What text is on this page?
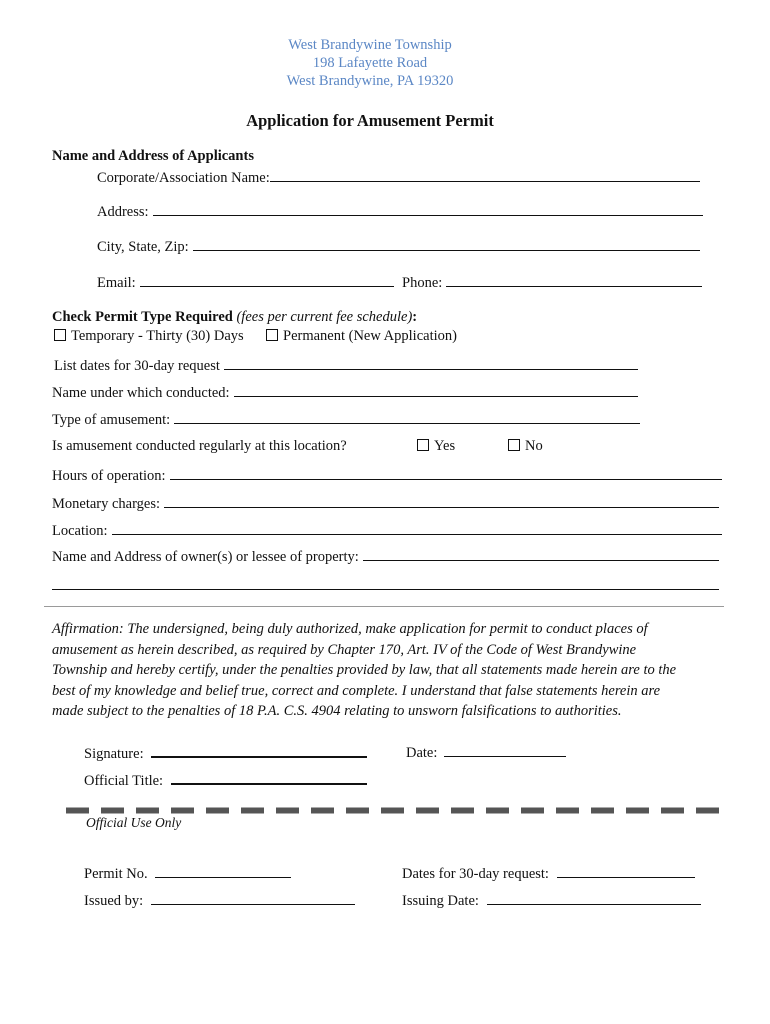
West Brandywine Township
198 Lafayette Road
West Brandywine, PA 19320
Application for Amusement Permit
Name and Address of Applicants
Corporate/Association Name:
Address:
City, State, Zip:
Email:	Phone:
Check Permit Type Required (fees per current fee schedule):
Temporary - Thirty (30) Days	Permanent (New Application)
List dates for 30-day request
Name under which conducted:
Type of amusement:
Is amusement conducted regularly at this location?	Yes	No
Hours of operation:
Monetary charges:
Location:
Name and Address of owner(s) or lessee of property:
Affirmation: The undersigned, being duly authorized, make application for permit to conduct places of amusement as herein described, as required by Chapter 170, Art. IV of the Code of West Brandywine Township and hereby certify, under the penalties provided by law, that all statements made herein are to the best of my knowledge and belief true, correct and complete. I understand that false statements herein are made subject to the penalties of 18 P.A. C.S. 4904 relating to unsworn falsifications to authorities.
Signature:	Date:
Official Title:
Official Use Only
Permit No.	Dates for 30-day request:
Issued by:	Issuing Date:
